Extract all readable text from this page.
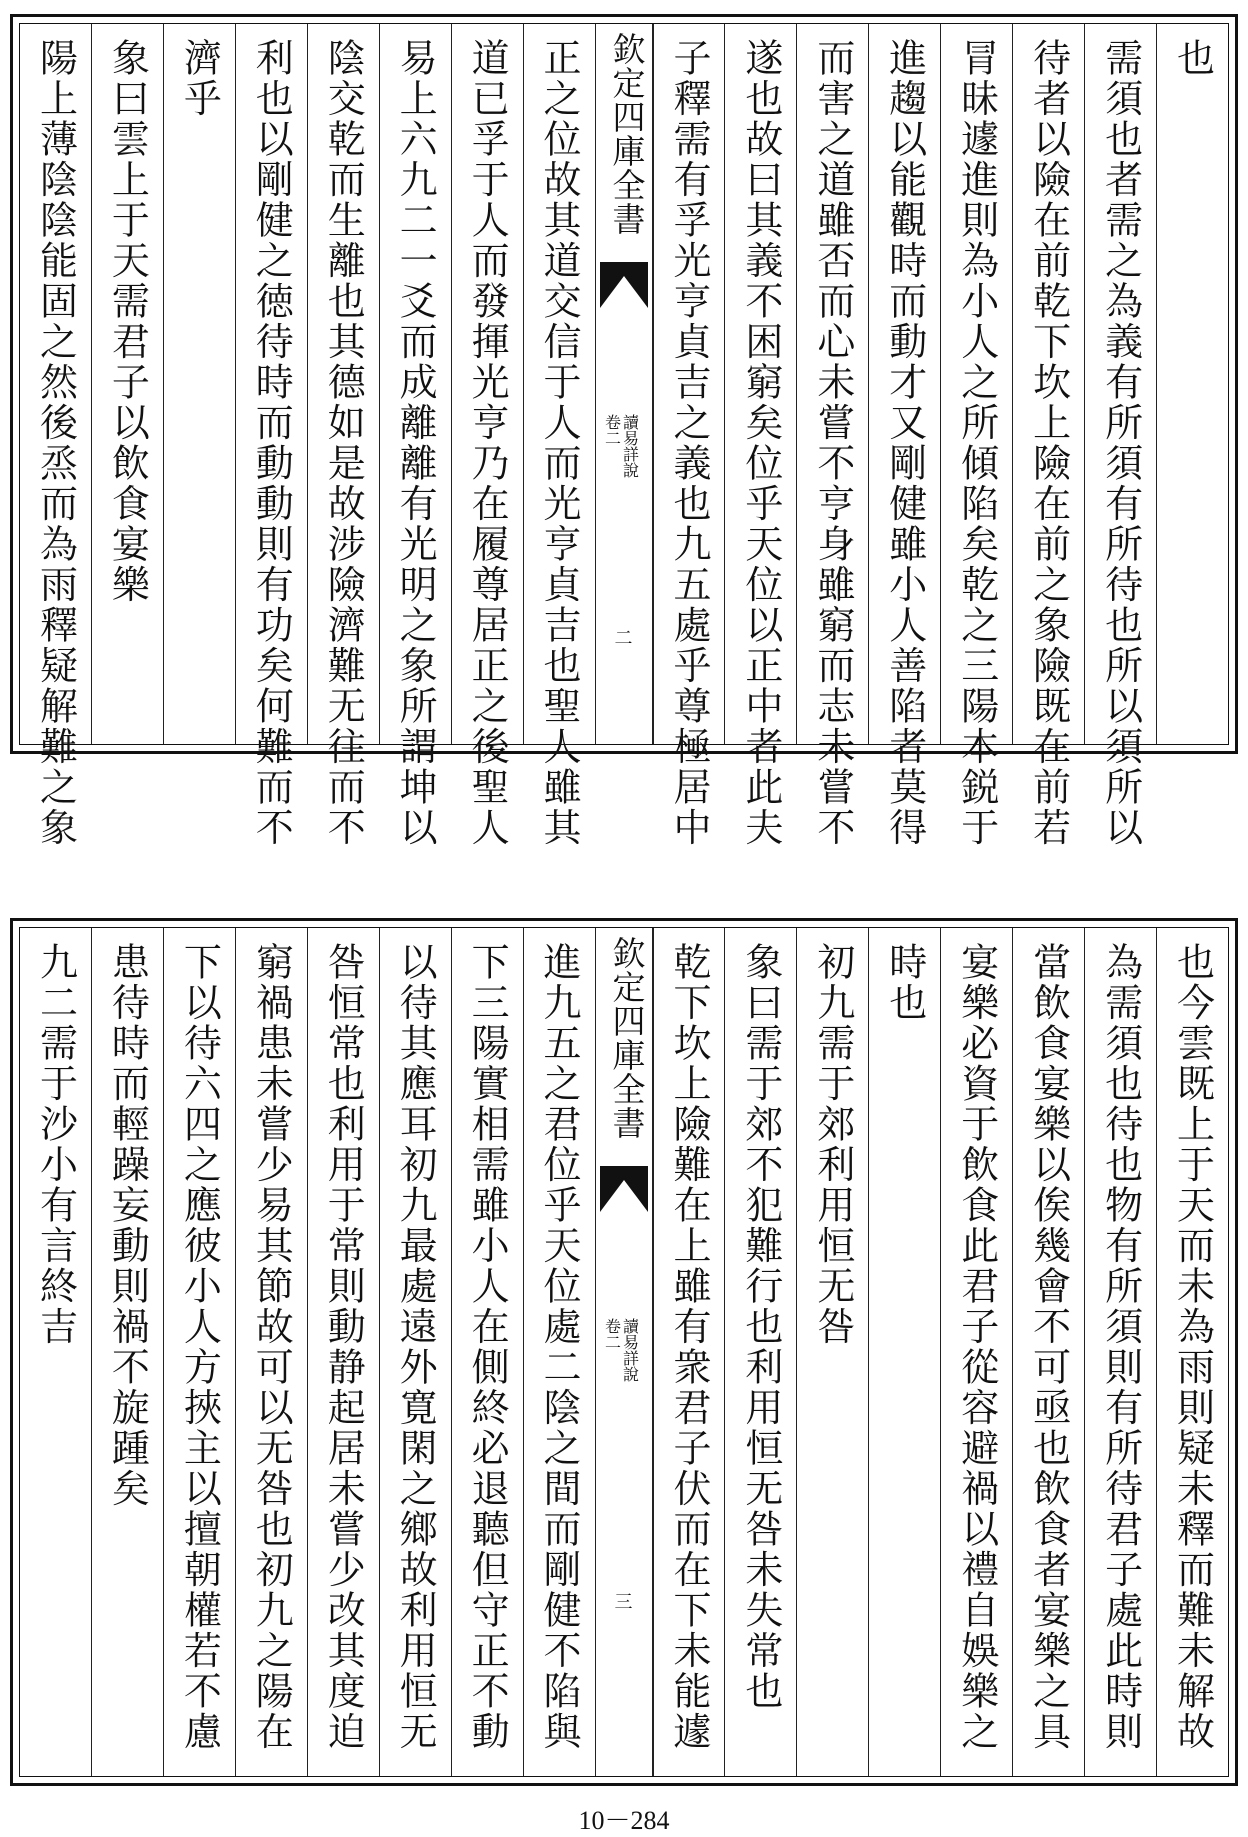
也
需須也者需之為義有所須有所待也所以須所以
待者以險在前乾下坎上險在前之象險既在前若
冐昧遽進則為小人之所傾陷矣乾之三陽本鋭于
進趨以能觀時而動才又剛健雖小人善陷者莫得
而害之道雖否而心未嘗不亨身雖窮而志未嘗不
遂也故曰其義不困窮矣位乎天位以正中者此夫
子釋需有孚光亨貞吉之義也九五處乎尊極居中
欽定四庫全書
讀易詳說
卷二
二
正之位故其道交信于人而光亨貞吉也聖人雖其
道已孚于人而發揮光亨乃在履尊居正之後聖人
易上六九二一爻而成離離有光明之象所謂坤以
陰交乾而生離也其德如是故涉險濟難无往而不
利也以剛健之徳待時而動動則有功矣何難而不
濟乎
象曰雲上于天需君子以飲食宴樂
陽上薄陰陰能固之然後烝而為雨釋疑解難之象
也今雲既上于天而未為雨則疑未釋而難未解故
為需須也待也物有所須則有所待君子處此時則
當飲食宴樂以俟幾會不可亟也飲食者宴樂之具
宴樂必資于飲食此君子從容避禍以禮自娛樂之
時也
初九需于郊利用恒无咎
象曰需于郊不犯難行也利用恒无咎未失常也
乾下坎上險難在上雖有衆君子伏而在下未能遽
欽定四庫全書
讀易詳說
卷二
三
進九五之君位乎天位處二陰之間而剛健不陷與
下三陽實相需雖小人在側終必退聽但守正不動
以待其應耳初九最處遠外寛閑之鄉故利用恒无
咎恒常也利用于常則動静起居未嘗少改其度迫
窮禍患未嘗少易其節故可以无咎也初九之陽在
下以待六四之應彼小人方挾主以擅朝權若不慮
患待時而輕躁妄動則禍不旋踵矣
九二需于沙小有言終吉
10－284
